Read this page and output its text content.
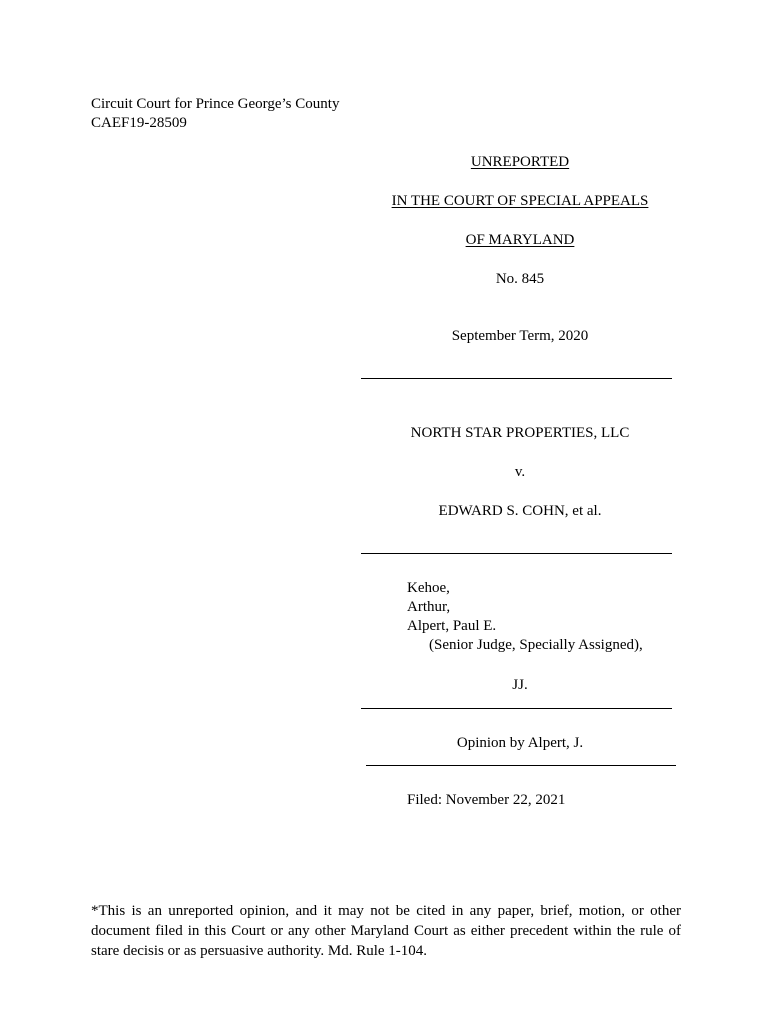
Circuit Court for Prince George’s County
CAEF19-28509
UNREPORTED
IN THE COURT OF SPECIAL APPEALS
OF MARYLAND
No. 845
September Term, 2020
NORTH STAR PROPERTIES, LLC
v.
EDWARD S. COHN, et al.
Kehoe,
Arthur,
Alpert, Paul E.
(Senior Judge, Specially Assigned),
JJ.
Opinion by Alpert, J.
Filed: November 22, 2021
*This is an unreported opinion, and it may not be cited in any paper, brief, motion, or other document filed in this Court or any other Maryland Court as either precedent within the rule of stare decisis or as persuasive authority. Md. Rule 1-104.
